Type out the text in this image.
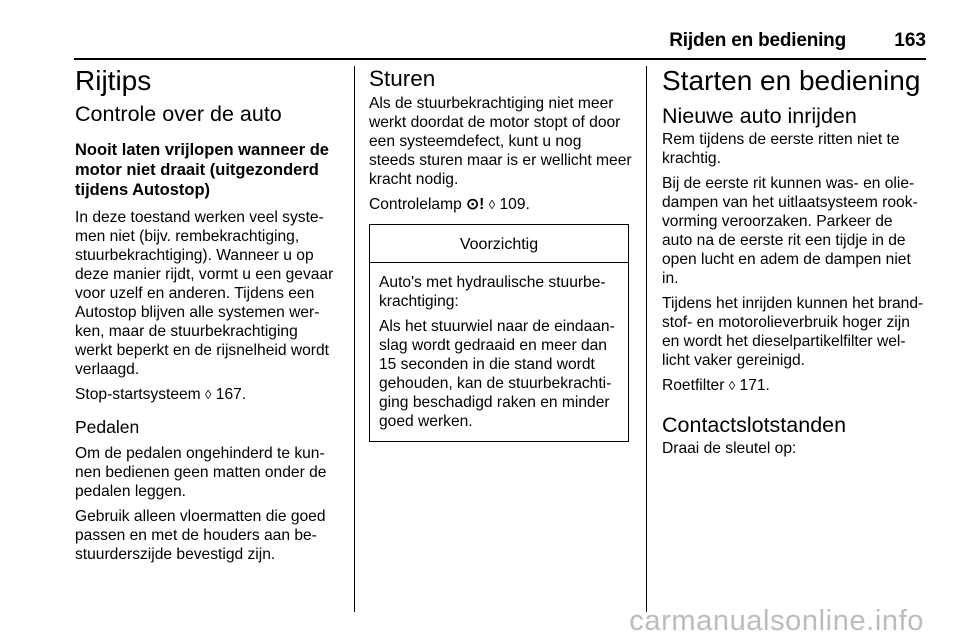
Rijden en bediening	163
Rijtips
Controle over de auto
Nooit laten vrijlopen wanneer de motor niet draait (uitgezonderd tijdens Autostop)

In deze toestand werken veel syste-
men niet (bijv. rembekrachtiging,
stuurbekrachtiging). Wanneer u op
deze manier rijdt, vormt u een gevaar
voor uzelf en anderen. Tijdens een
Autostop blijven alle systemen wer-
ken, maar de stuurbekrachtiging
werkt beperkt en de rijsnelheid wordt
verlaagd.

Stop-startsysteem ◊ 167.

Pedalen

Om de pedalen ongehinderd te kun-
nen bedienen geen matten onder de
pedalen leggen.

Gebruik alleen vloermatten die goed
passen en met de houders aan be-
stuurderszijde bevestigd zijn.

Sturen

Als de stuurbekrachtiging niet meer
werkt doordat de motor stopt of door
een systeemdefect, kunt u nog
steeds sturen maar is er wellicht meer
kracht nodig.

Controlelamp ⊙! ◊ 109.

Voorzichtig

Auto's met hydraulische stuurbe-
krachtiging:

Als het stuurwiel naar de eindaan-
slag wordt gedraaid en meer dan
15 seconden in die stand wordt
gehouden, kan de stuurbekrachti-
ging beschadigd raken en minder
goed werken.

Starten en bediening
Nieuwe auto inrijden

Rem tijdens de eerste ritten niet te
krachtig.

Bij de eerste rit kunnen was- en olie-
dampen van het uitlaatsysteem rook-
vorming veroorzaken. Parkeer de
auto na de eerste rit een tijdje in de
open lucht en adem de dampen niet
in.

Tijdens het inrijden kunnen het brand-
stof- en motorolieverbruik hoger zijn
en wordt het dieselpartikelfilter wel-
licht vaker gereinigd.

Roetfilter ◊ 171.

Contactslotstanden

Draai de sleutel op:

carmanualsonline.info
